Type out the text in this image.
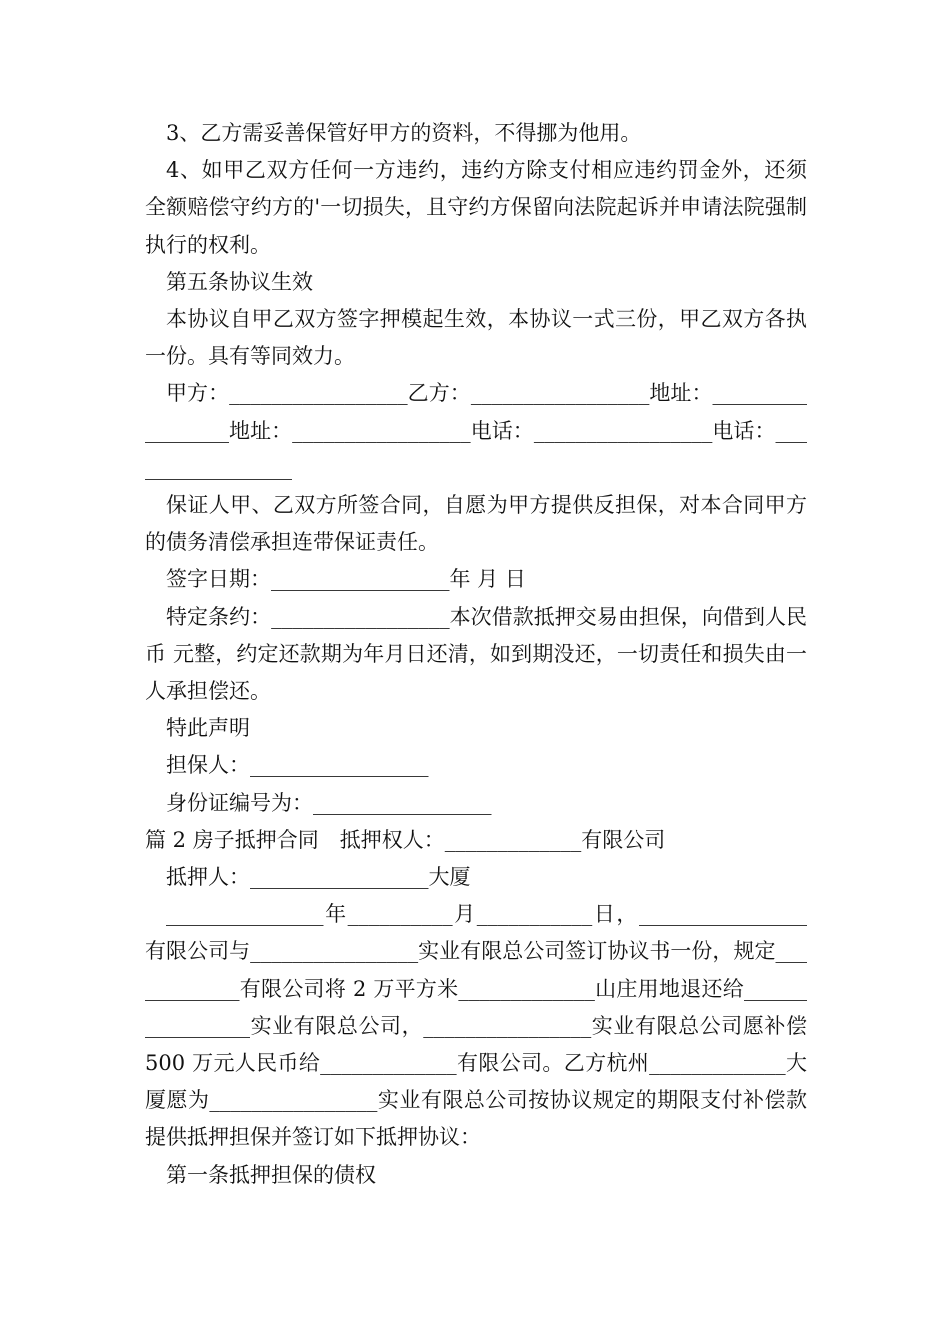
3、乙方需妥善保管好甲方的资料，不得挪为他用。

4、如甲乙双方任何一方违约，违约方除支付相应违约罚金外，还须全额赔偿守约方的'一切损失，且守约方保留向法院起诉并申请法院强制执行的权利。

第五条协议生效

本协议自甲乙双方签字押模起生效，本协议一式三份，甲乙双方各执一份。具有等同效力。

甲方：_________________乙方：_________________地址：_________________地址：_________________电话：_________________电话：_________________

保证人甲、乙双方所签合同，自愿为甲方提供反担保，对本合同甲方的债务清偿承担连带保证责任。

签字日期：_________________年 月 日

特定条约：_________________本次借款抵押交易由担保，向借到人民币 元整，约定还款期为年月日还清，如到期没还，一切责任和损失由一人承担偿还。

特此声明

担保人：_________________

身份证编号为：_________________

篇 2 房子抵押合同　抵押权人：_____________有限公司

抵押人：_________________大厦

_______________年__________月___________日，________________有限公司与________________实业有限总公司签订协议书一份，规定____________有限公司将 2 万平方米_____________山庄用地退还给________________实业有限总公司，________________实业有限总公司愿补偿 500 万元人民币给_____________有限公司。乙方杭州_____________大厦愿为________________实业有限总公司按协议规定的期限支付补偿款提供抵押担保并签订如下抵押协议：

第一条抵押担保的债权
